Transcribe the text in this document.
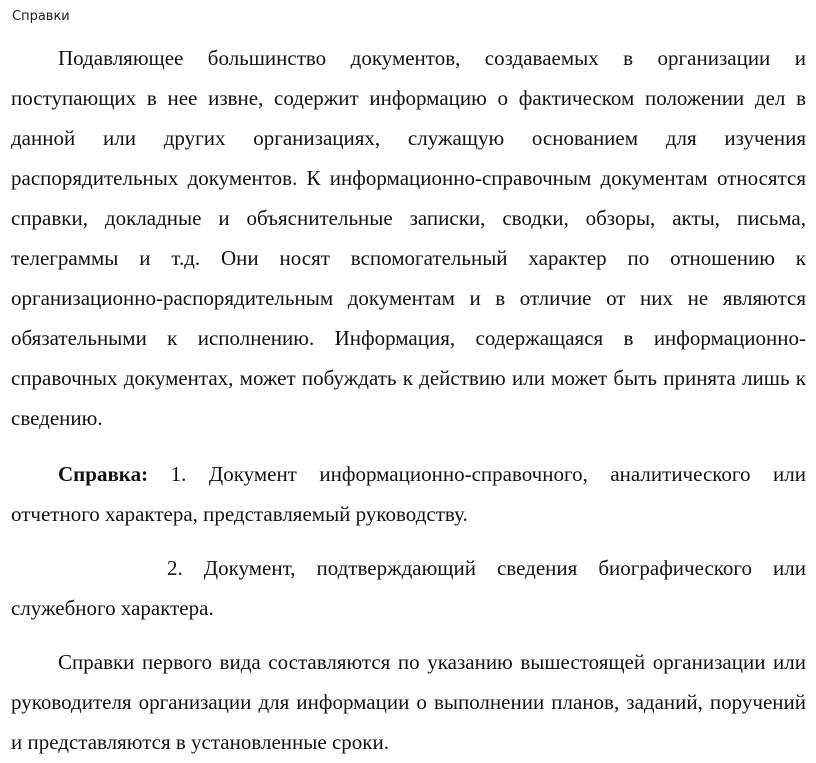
Справки

Подавляющее большинство документов, создаваемых в организации и поступающих в нее извне, содержит информацию о фактическом положении дел в данной или других организациях, служащую основанием для изучения распорядительных документов. К информационно-справочным документам относятся справки, докладные и объяснительные записки, сводки, обзоры, акты, письма, телеграммы и т.д. Они носят вспомогательный характер по отношению к организационно-распорядительным документам и в отличие от них не являются обязательными к исполнению. Информация, содержащаяся в информационно-справочных документах, может побуждать к действию или может быть принята лишь к сведению.

Справка: 1. Документ информационно-справочного, аналитического или отчетного характера, представляемый руководству.

2. Документ, подтверждающий сведения биографического или служебного характера.

Справки первого вида составляются по указанию вышестоящей организации или руководителя организации для информации о выполнении планов, заданий, поручений и представляются в установленные сроки.
